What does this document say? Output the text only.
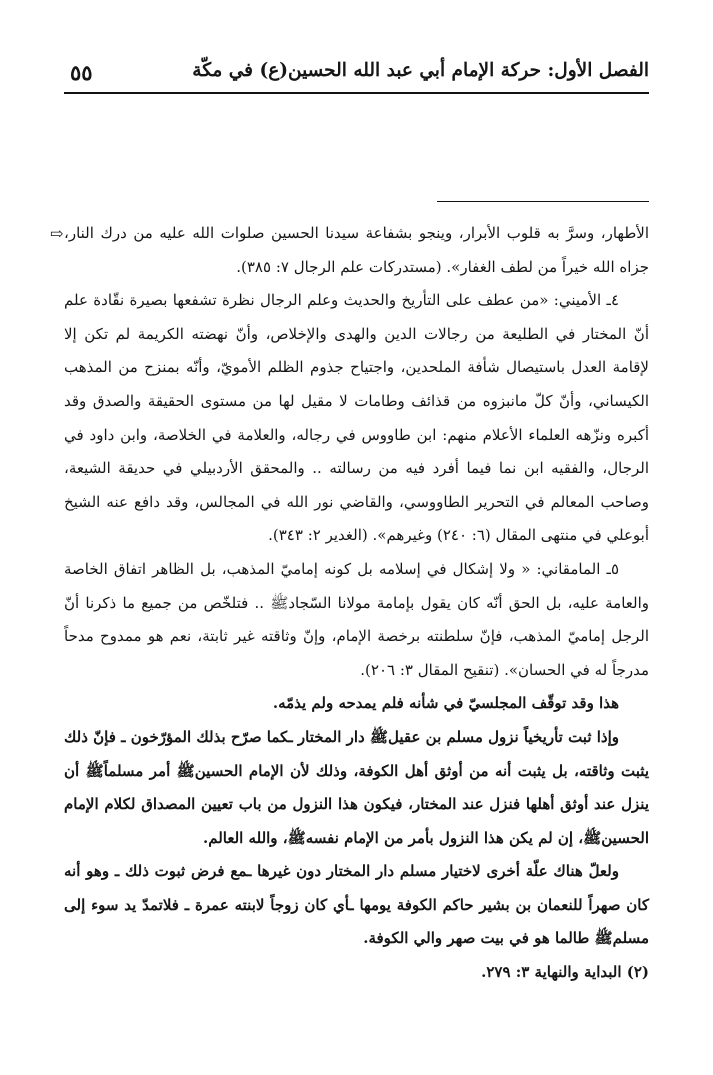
٥٥	الفصل الأول: حركة الإمام أبي عبد الله الحسين(ع) في مكّة

⇨ الأطهار، وسرَّ به قلوب الأبرار، وينجو بشفاعة سيدنا الحسين صلوات الله عليه من درك النار، جزاه الله خيراً من لطف الغفار». (مستدركات علم الرجال ٧: ٣٨٥).

٤ـ الأميني: «من عطف على التأريخ والحديث وعلم الرجال نظرة تشفعها بصيرة نقّادة علم أنّ المختار في الطليعة من رجالات الدين والهدى والإخلاص، وأنّ نهضته الكريمة لم تكن إلا لإقامة العدل باستيصال شأفة الملحدين، واجتياح جذوم الظلم الأمويّ، وأنّه بمنزح من المذهب الكيساني، وأنّ كلّ مانبزوه من قذائف وطامات لا مقيل لها من مستوى الحقيقة والصدق وقد أكبره ونزّهه العلماء الأعلام منهم: ابن طاووس في رجاله، والعلامة في الخلاصة، وابن داود في الرجال، والفقيه ابن نما فيما أفرد فيه من رسالته .. والمحقق الأردبيلي في حديقة الشيعة، وصاحب المعالم في التحرير الطاووسي، والقاضي نور الله في المجالس، وقد دافع عنه الشيخ أبوعلي في منتهى المقال (٦: ٢٤٠) وغيرهم». (الغدير ٢: ٣٤٣).

٥ـ المامقاني: « ولا إشكال في إسلامه بل كونه إماميّ المذهب، بل الظاهر اتفاق الخاصة والعامة عليه، بل الحق أنّه كان يقول بإمامة مولانا السّجادﷺ .. فتلخّص من جميع ما ذكرنا أنّ الرجل إماميّ المذهب، فإنّ سلطنته برخصة الإمام، وإنّ وثاقته غير ثابتة، نعم هو ممدوح مدحاً مدرجاً له في الحسان». (تنقيح المقال ٣: ٢٠٦).

هذا وقد توقّف المجلسيّ في شأنه فلم يمدحه ولم يذمّه.

وإذا ثبت تأريخياً نزول مسلم بن عقيلﷺ دار المختار ـكما صرّح بذلك المؤرّخون ـ فإنّ ذلك يثبت وثاقته، بل يثبت أنه من أوثق أهل الكوفة، وذلك لأن الإمام الحسينﷺ أمر مسلماًﷺ أن ينزل عند أوثق أهلها فنزل عند المختار، فيكون هذا النزول من باب تعيين المصداق لكلام الإمام الحسينﷺ، إن لم يكن هذا النزول بأمر من الإمام نفسهﷺ، والله العالم.

ولعلّ هناك علّة أخرى لاختيار مسلم دار المختار دون غيرها ـمع فرض ثبوت ذلك ـ وهو أنه كان صهراً للنعمان بن بشير حاكم الكوفة يومها ـأي كان زوجاً لابنته عمرة ـ فلاتمدّ يد سوء إلى مسلمﷺ طالما هو في بيت صهر والي الكوفة.

(٢) البداية والنهاية ٣: ٢٧٩.
